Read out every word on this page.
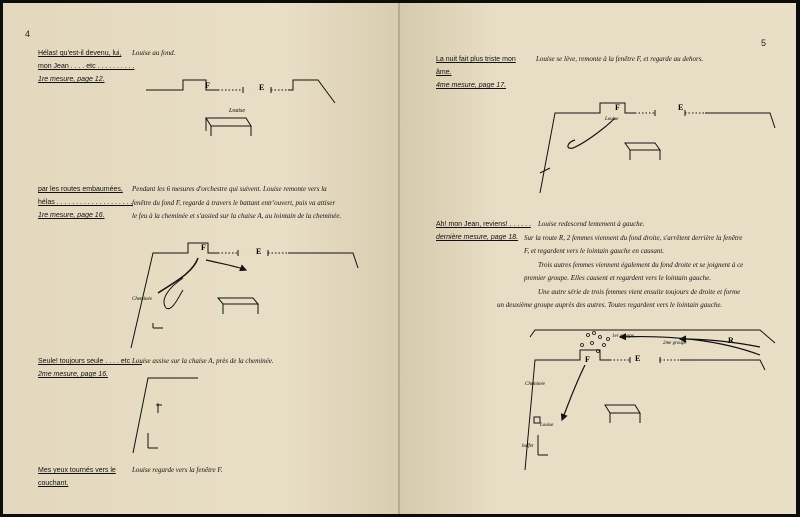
4
Hélas! qu'est-il devenu, lui,
mon Jean . . . . etc . . . . . . . . . .
1re mesure, page 12.
Louise au fond.
F	E
Louise
par les routes embaumées,
hélas . . . . . . . . . . . . . . . . . . . .
1re mesure, page 16.
Pendant les 6 mesures d'orchestre qui suivent. Louise remonte vers la
fenêtre du fond F, regarde à travers le battant entr'ouvert, puis va attiser
le feu à la cheminée et s'assied sur la chaise A, au lointain de la cheminée.
F	E
Cheminée
Seule! toujours seule . . . . etc . . .
2me mesure, page 16.
Louise assise sur la chaise A, près de la cheminée.
Mes yeux tournés vers le
couchant.
Louise regarde vers la fenêtre F.
5
La nuit fait plus triste mon
âme.
4me mesure, page 17.
Louise se lève, remonte à la fenêtre F, et regarde au dehors.
F	E
Louise
Ah! mon Jean, reviens! . . . . . .
dernière mesure, page 18.
Louise redescend lentement à gauche.
Sur la route R, 2 femmes viennent du fond droite, s'arrêtent derrière la fenêtre
F, et regardent vers le lointain gauche en causant.
Trois autres femmes viennent également du fond droite et se joignent à ce
premier groupe. Elles causent et regardent vers le lointain gauche.
Une autre série de trois femmes vient ensuite toujours de droite et forme
un deuxième groupe auprès des autres. Toutes regardent vers le lointain gauche.
1er groupe
2me groupe	R
F	E
Cheminée
Louise
buffet
